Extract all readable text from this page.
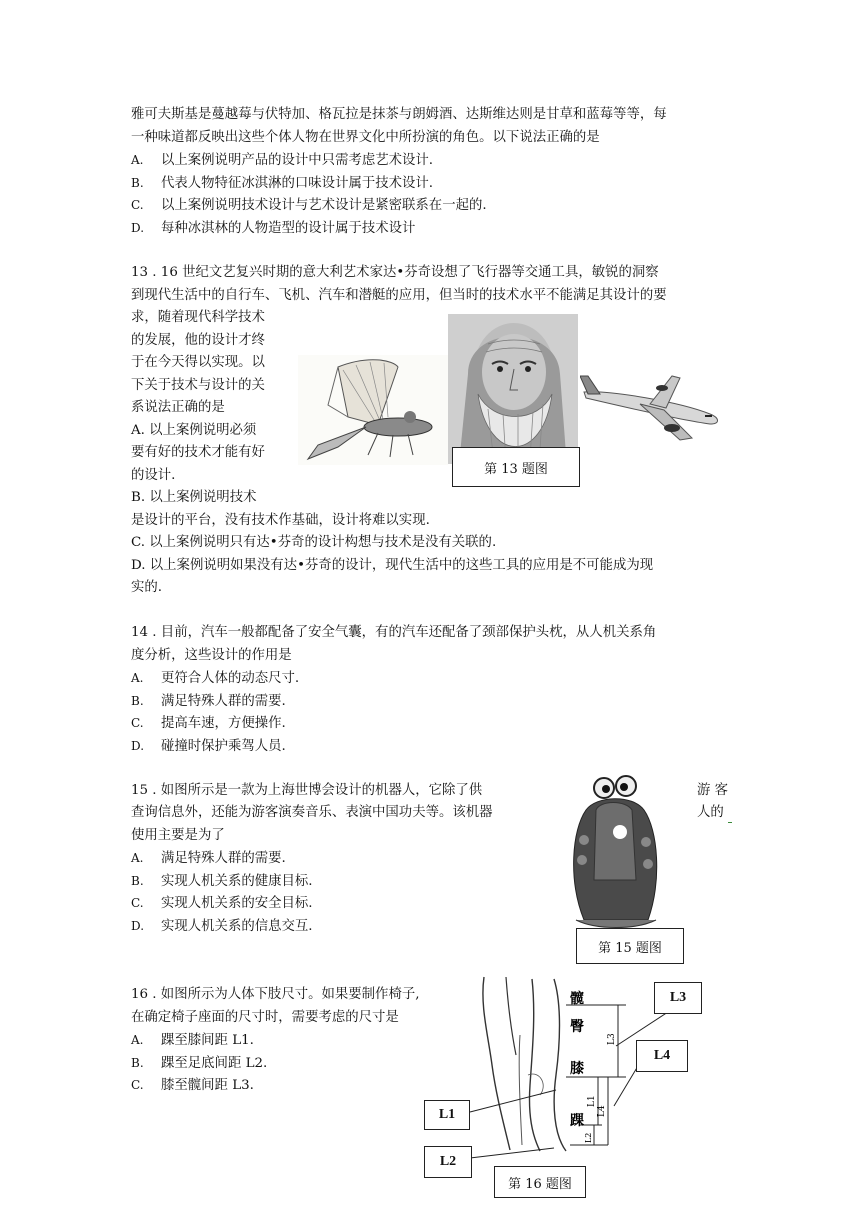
雅可夫斯基是蔓越莓与伏特加、格瓦拉是抹茶与朗姆酒、达斯维达则是甘草和蓝莓等等，每
一种味道都反映出这些个体人物在世界文化中所扮演的角色。以下说法正确的是
A. 以上案例说明产品的设计中只需考虑艺术设计.
B. 代表人物特征冰淇淋的口味设计属于技术设计.
C. 以上案例说明技术设计与艺术设计是紧密联系在一起的.
D. 每种冰淇林的人物造型的设计属于技术设计
13 . 16 世纪文艺复兴时期的意大利艺术家达•芬奇设想了飞行器等交通工具，敏锐的洞察
到现代生活中的自行车、飞机、汽车和潜艇的应用，但当时的技术水平不能满足其设计的要
求，随着现代科学技术
的发展，他的设计才终
于在今天得以实现。以
下关于技术与设计的关
系说法正确的是
A. 以上案例说明必须
要有好的技术才能有好
的设计.
B. 以上案例说明技术
是设计的平台，没有技术作基础，设计将难以实现.
C. 以上案例说明只有达•芬奇的设计构想与技术是没有关联的.
D. 以上案例说明如果没有达•芬奇的设计，现代生活中的这些工具的应用是不可能成为现
实的.
第 13 题图
14 . 目前，汽车一般都配备了安全气囊，有的汽车还配备了颈部保护头枕，从人机关系角
度分析，这些设计的作用是
A. 更符合人体的动态尺寸.
B. 满足特殊人群的需要.
C. 提高车速，方便操作.
D. 碰撞时保护乘驾人员.
15 . 如图所示是一款为上海世博会设计的机器人，它除了供	游 客
查询信息外，还能为游客演奏音乐、表演中国功夫等。该机器	人的
使用主要是为了
A. 满足特殊人群的需要.
B. 实现人机关系的健康目标.
C. 实现人机关系的安全目标.
D. 实现人机关系的信息交互.
第 15 题图
16 . 如图所示为人体下肢尺寸。如果要制作椅子,
在确定椅子座面的尺寸时，需要考虑的尺寸是
A. 踝至膝间距 L1.
B. 踝至足底间距 L2.
C. 膝至髋间距 L3.
髋
臀
膝
踝
L3
L4
L1
L2
L3
L4
L1
L2
第 16 题图
